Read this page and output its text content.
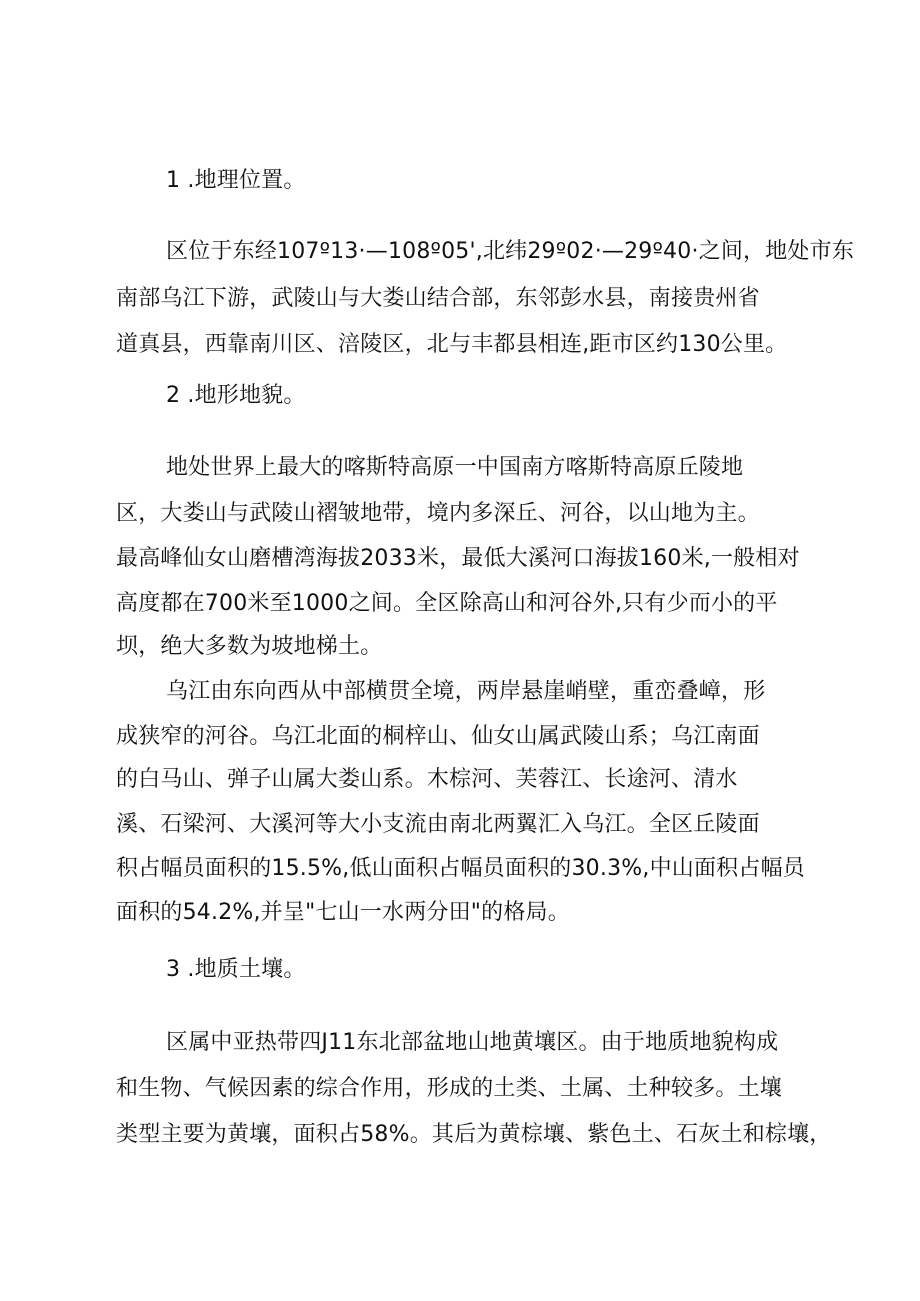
1 .地理位置。
区位于东经107º13·—108º05',北纬29º02·—29º40·之间，地处市东
南部乌江下游，武陵山与大娄山结合部，东邻彭水县，南接贵州省
道真县，西靠南川区、涪陵区，北与丰都县相连,距市区约130公里。
2 .地形地貌。
地处世界上最大的喀斯特高原一中国南方喀斯特高原丘陵地
区，大娄山与武陵山褶皱地带，境内多深丘、河谷，以山地为主。
最高峰仙女山磨槽湾海拔2033米，最低大溪河口海拔160米,一般相对
高度都在700米至1000之间。全区除高山和河谷外,只有少而小的平
坝，绝大多数为坡地梯土。
乌江由东向西从中部横贯全境，两岸悬崖峭壁，重峦叠嶂，形
成狭窄的河谷。乌江北面的桐梓山、仙女山属武陵山系；乌江南面
的白马山、弹子山属大娄山系。木棕河、芙蓉江、长途河、清水
溪、石梁河、大溪河等大小支流由南北两翼汇入乌江。全区丘陵面
积占幅员面积的15.5%,低山面积占幅员面积的30.3%,中山面积占幅员
面积的54.2%,并呈"七山一水两分田"的格局。
3 .地质土壤。
区属中亚热带四J11东北部盆地山地黄壤区。由于地质地貌构成
和生物、气候因素的综合作用，形成的土类、土属、土种较多。土壤
类型主要为黄壤，面积占58%。其后为黄棕壤、紫色土、石灰土和棕壤，
